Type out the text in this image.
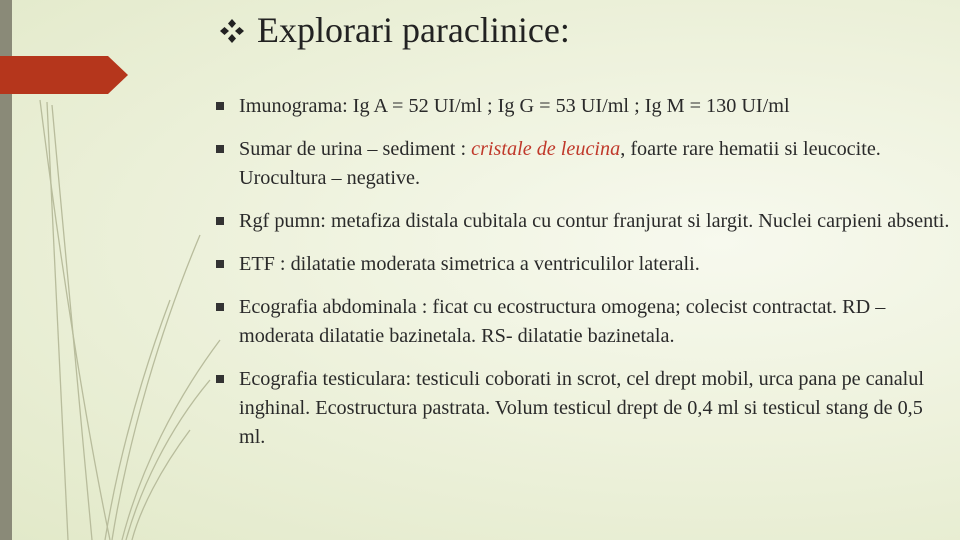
Explorari paraclinice:
Imunograma: Ig A = 52 UI/ml ; Ig G = 53 UI/ml ; Ig M = 130 UI/ml
Sumar de urina – sediment : cristale de leucina, foarte rare hematii si leucocite. Urocultura – negative.
Rgf pumn: metafiza distala cubitala cu contur franjurat si largit. Nuclei carpieni absenti.
ETF : dilatatie moderata simetrica a ventriculilor laterali.
Ecografia abdominala : ficat cu ecostructura omogena; colecist contractat. RD – moderata dilatatie bazinetala. RS- dilatatie bazinetala.
Ecografia testiculara: testiculi coborati in scrot, cel drept mobil, urca pana pe canalul inghinal. Ecostructura pastrata. Volum testicul drept de 0,4 ml si testicul stang de 0,5 ml.
